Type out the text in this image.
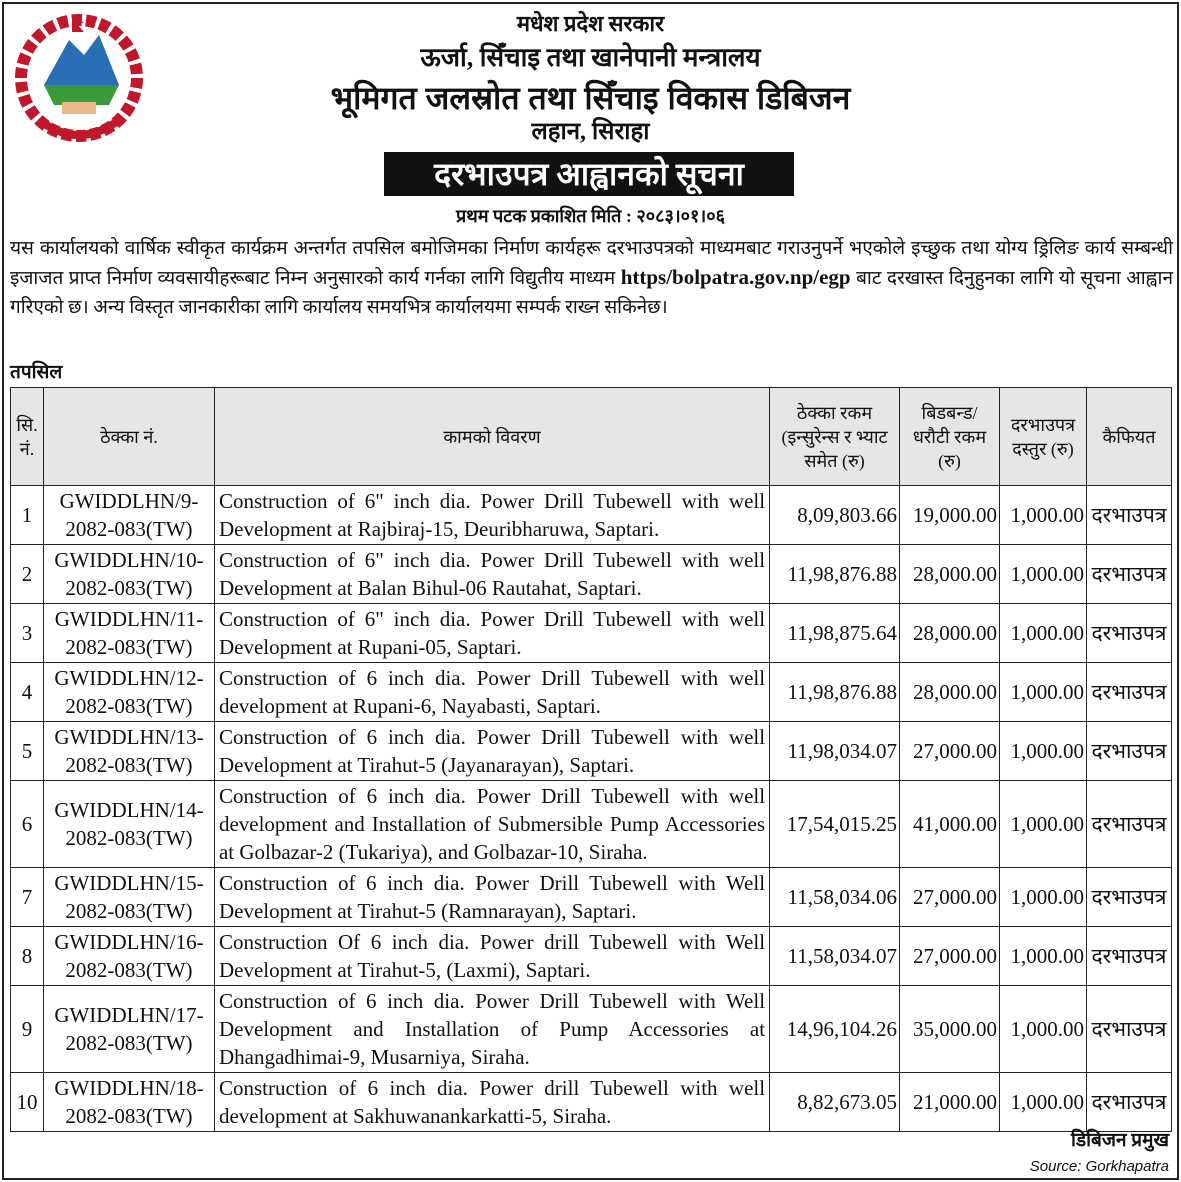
मधेश प्रदेश सरकार
ऊर्जा, सिँचाइ तथा खानेपानी मन्त्रालय
भूमिगत जलस्रोत तथा सिँचाइ विकास डिबिजन
लहान, सिराहा
दरभाउपत्र आह्वानको सूचना
प्रथम पटक प्रकाशित मिति : २०८३।०१।०६
यस कार्यालयको वार्षिक स्वीकृत कार्यक्रम अन्तर्गत तपसिल बमोजिमका निर्माण कार्यहरू दरभाउपत्रको माध्यमबाट गराउनुपर्ने भएकोले इच्छुक तथा योग्य ड्रिलिङ कार्य सम्बन्धी इजाजत प्राप्त निर्माण व्यवसायीहरूबाट निम्न अनुसारको कार्य गर्नका लागि विद्युतीय माध्यम https/bolpatra.gov.np/egp बाट दरखास्त दिनुहुनका लागि यो सूचना आह्वान गरिएको छ। अन्य विस्तृत जानकारीका लागि कार्यालय समयभित्र कार्यालयमा सम्पर्क राख्न सकिनेछ।
तपसिल
सि. नं.	ठेक्का नं.	कामको विवरण	ठेक्का रकम (इन्सुरेन्स र भ्याट समेत (रु)	बिडबन्ड/ धरौटी रकम (रु)	दरभाउपत्र दस्तुर (रु)	कैफियत
1	GWIDDLHN/9-2082-083(TW)	Construction of 6" inch dia. Power Drill Tubewell with well Development at Rajbiraj-15, Deuribharuwa, Saptari.	8,09,803.66	19,000.00	1,000.00	दरभाउपत्र
2	GWIDDLHN/10-2082-083(TW)	Construction of 6" inch dia. Power Drill Tubewell with well Development at Balan Bihul-06 Rautahat, Saptari.	11,98,876.88	28,000.00	1,000.00	दरभाउपत्र
3	GWIDDLHN/11-2082-083(TW)	Construction of 6" inch dia. Power Drill Tubewell with well Development at Rupani-05, Saptari.	11,98,875.64	28,000.00	1,000.00	दरभाउपत्र
4	GWIDDLHN/12-2082-083(TW)	Construction of 6 inch dia. Power Drill Tubewell with well development at Rupani-6, Nayabasti, Saptari.	11,98,876.88	28,000.00	1,000.00	दरभाउपत्र
5	GWIDDLHN/13-2082-083(TW)	Construction of 6 inch dia. Power Drill Tubewell with well Development at Tirahut-5 (Jayanarayan), Saptari.	11,98,034.07	27,000.00	1,000.00	दरभाउपत्र
6	GWIDDLHN/14-2082-083(TW)	Construction of 6 inch dia. Power Drill Tubewell with well development and Installation of Submersible Pump Accessories at Golbazar-2 (Tukariya), and Golbazar-10, Siraha.	17,54,015.25	41,000.00	1,000.00	दरभाउपत्र
7	GWIDDLHN/15-2082-083(TW)	Construction of 6 inch dia. Power Drill Tubewell with Well Development at Tirahut-5 (Ramnarayan), Saptari.	11,58,034.06	27,000.00	1,000.00	दरभाउपत्र
8	GWIDDLHN/16-2082-083(TW)	Construction Of 6 inch dia. Power drill Tubewell with Well Development at Tirahut-5, (Laxmi), Saptari.	11,58,034.07	27,000.00	1,000.00	दरभाउपत्र
9	GWIDDLHN/17-2082-083(TW)	Construction of 6 inch dia. Power Drill Tubewell with Well Development and Installation of Pump Accessories at Dhangadhimai-9, Musarniya, Siraha.	14,96,104.26	35,000.00	1,000.00	दरभाउपत्र
10	GWIDDLHN/18-2082-083(TW)	Construction of 6 inch dia. Power drill Tubewell with well development at Sakhuwanankarkatti-5, Siraha.	8,82,673.05	21,000.00	1,000.00	दरभाउपत्र
डिबिजन प्रमुख
Source: Gorkhapatra
